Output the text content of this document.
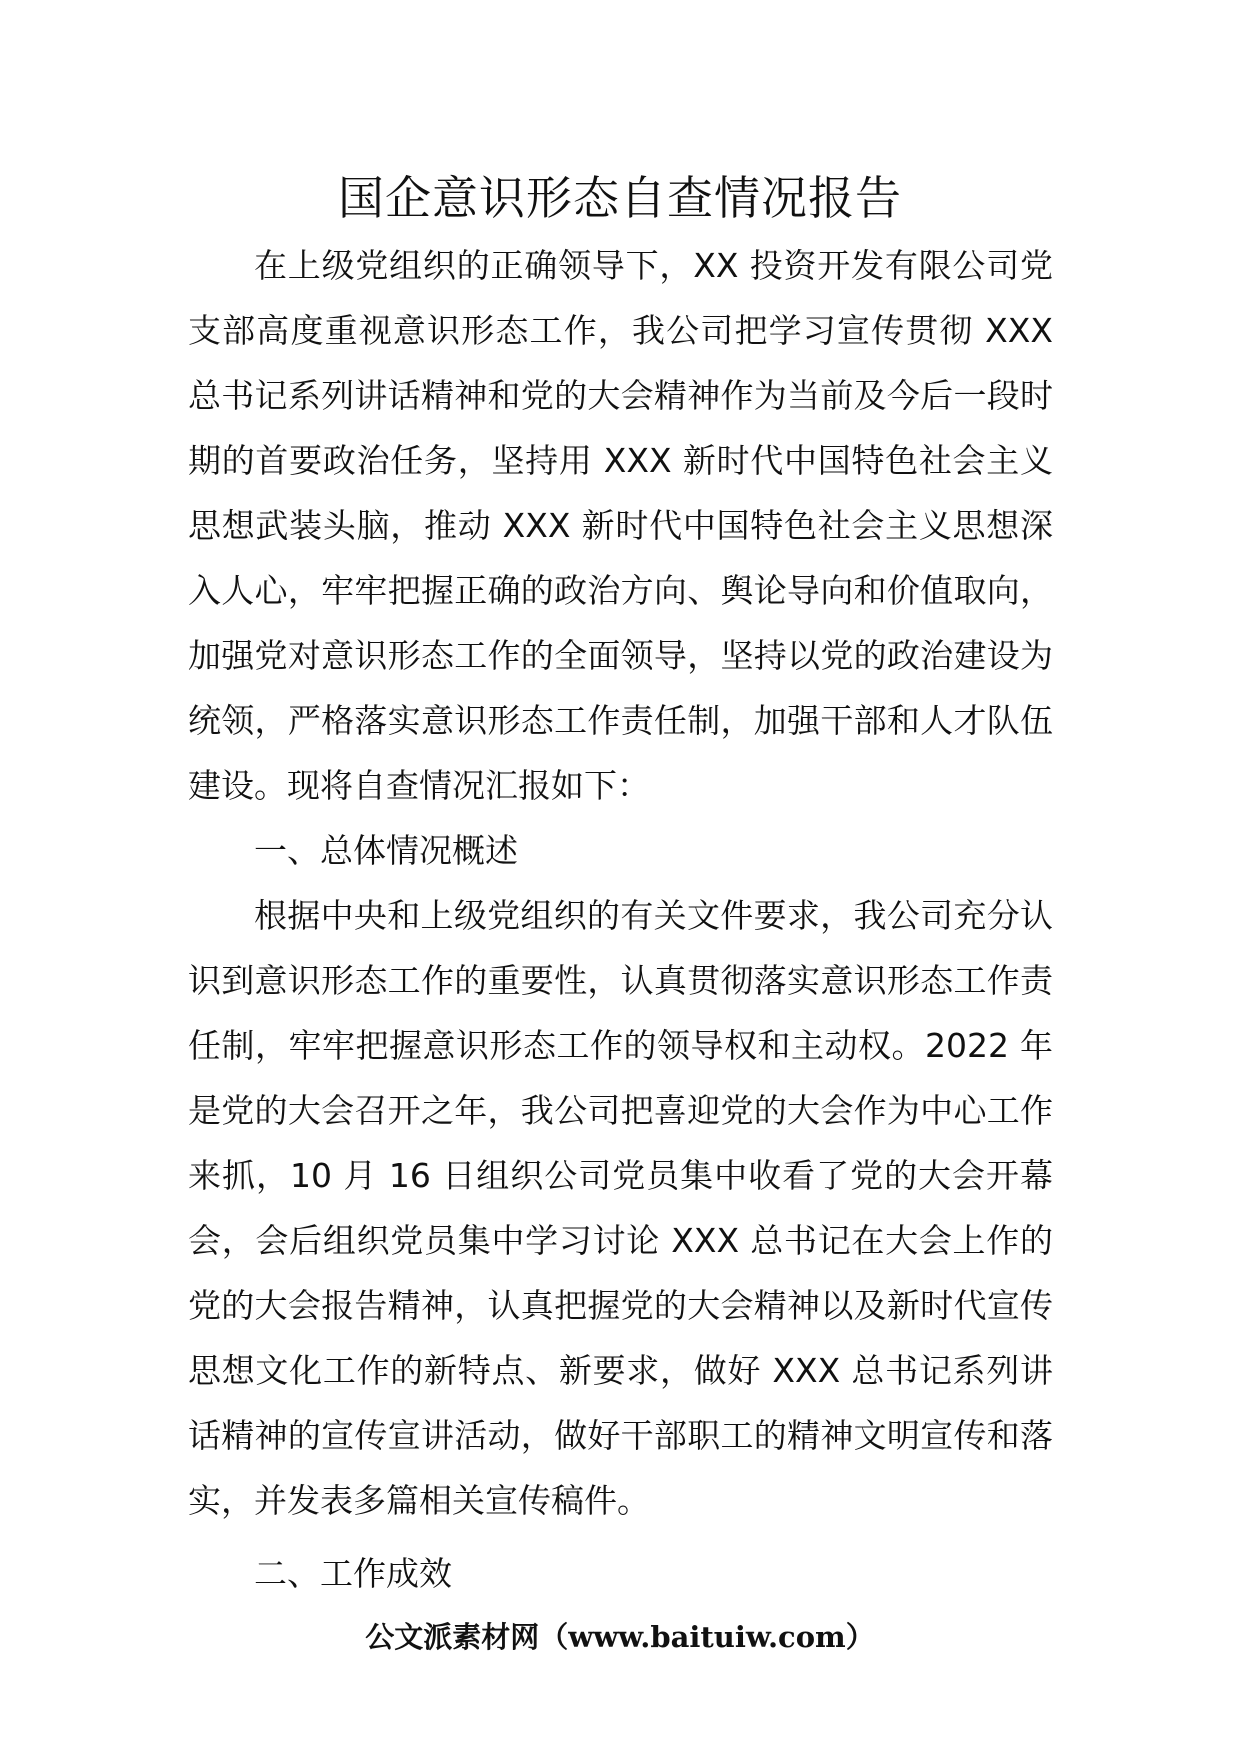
国企意识形态自查情况报告

在上级党组织的正确领导下，XX 投资开发有限公司党支部高度重视意识形态工作，我公司把学习宣传贯彻 XXX 总书记系列讲话精神和党的大会精神作为当前及今后一段时期的首要政治任务，坚持用 XXX 新时代中国特色社会主义思想武装头脑，推动 XXX 新时代中国特色社会主义思想深入人心，牢牢把握正确的政治方向、舆论导向和价值取向，加强党对意识形态工作的全面领导，坚持以党的政治建设为统领，严格落实意识形态工作责任制，加强干部和人才队伍建设。现将自查情况汇报如下：

一、总体情况概述

根据中央和上级党组织的有关文件要求，我公司充分认识到意识形态工作的重要性，认真贯彻落实意识形态工作责任制，牢牢把握意识形态工作的领导权和主动权。2022 年是党的大会召开之年，我公司把喜迎党的大会作为中心工作来抓，10 月 16 日组织公司党员集中收看了党的大会开幕会，会后组织党员集中学习讨论 XXX 总书记在大会上作的党的大会报告精神，认真把握党的大会精神以及新时代宣传思想文化工作的新特点、新要求，做好 XXX 总书记系列讲话精神的宣传宣讲活动，做好干部职工的精神文明宣传和落实，并发表多篇相关宣传稿件。

二、工作成效

公文派素材网（www.baituiw.com）
